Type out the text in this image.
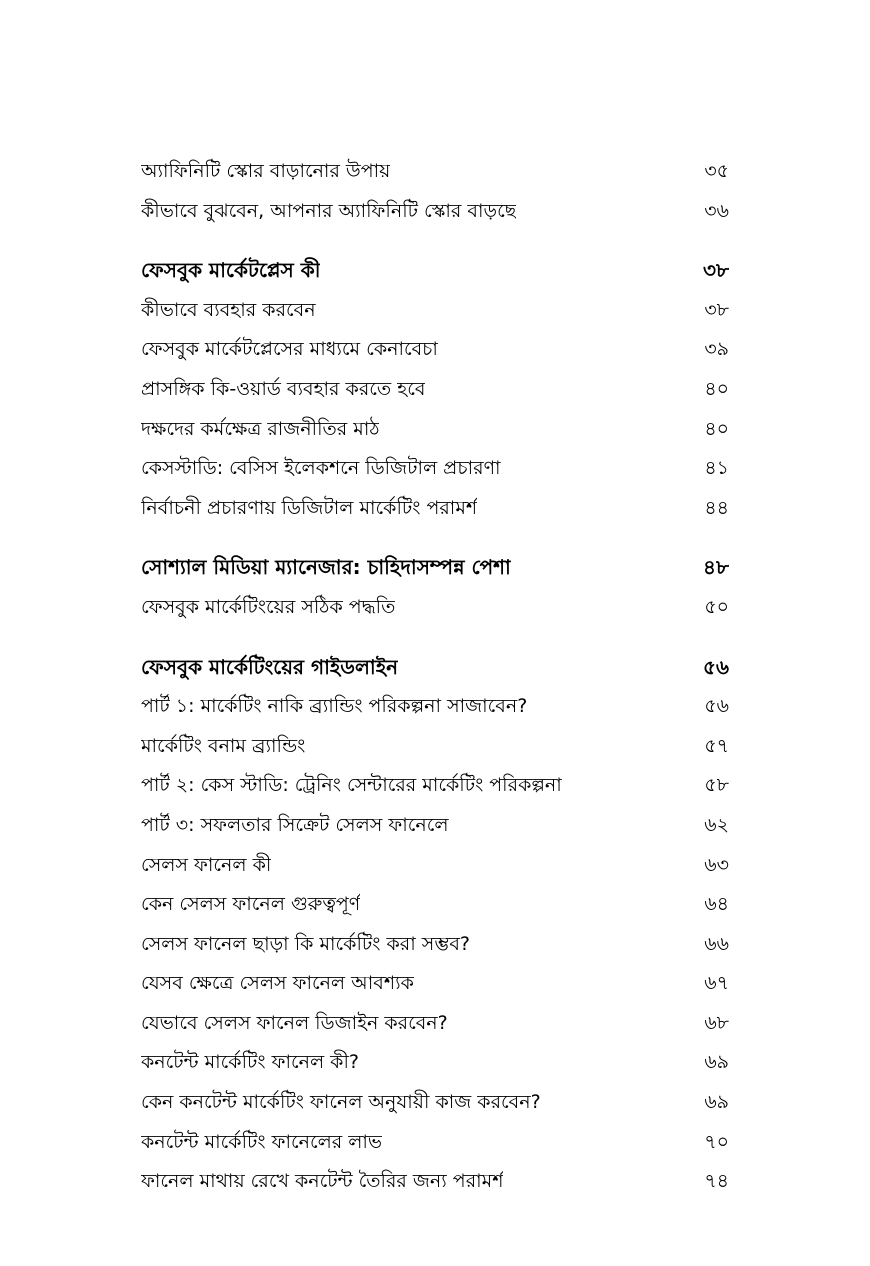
অ্যাফিনিটি স্কোর বাড়ানোর উপায়	৩৫
কীভাবে বুঝবেন, আপনার অ্যাফিনিটি স্কোর বাড়ছে	৩৬
ফেসবুক মার্কেটপ্লেস কী	৩৮
কীভাবে ব্যবহার করবেন	৩৮
ফেসবুক মার্কেটপ্লেসের মাধ্যমে কেনাবেচা	৩৯
প্রাসঙ্গিক কি-ওয়ার্ড ব্যবহার করতে হবে	৪০
দক্ষদের কর্মক্ষেত্র রাজনীতির মাঠ	৪০
কেসস্টাডি: বেসিস ইলেকশনে ডিজিটাল প্রচারণা	৪১
নির্বাচনী প্রচারণায় ডিজিটাল মার্কেটিং পরামর্শ	৪৪
সোশ্যাল মিডিয়া ম্যানেজার: চাহিদাসম্পন্ন পেশা	৪৮
ফেসবুক মার্কেটিংয়ের সঠিক পদ্ধতি	৫০
ফেসবুক মার্কেটিংয়ের গাইডলাইন	৫৬
পার্ট ১: মার্কেটিং নাকি ব্র্যান্ডিং পরিকল্পনা সাজাবেন?	৫৬
মার্কেটিং বনাম ব্র্যান্ডিং	৫৭
পার্ট ২: কেস স্টাডি: ট্রেনিং সেন্টারের মার্কেটিং পরিকল্পনা	৫৮
পার্ট ৩: সফলতার সিক্রেট সেলস ফানেলে	৬২
সেলস ফানেল কী	৬৩
কেন সেলস ফানেল গুরুত্বপূর্ণ	৬৪
সেলস ফানেল ছাড়া কি মার্কেটিং করা সম্ভব?	৬৬
যেসব ক্ষেত্রে সেলস ফানেল আবশ্যক	৬৭
যেভাবে সেলস ফানেল ডিজাইন করবেন?	৬৮
কনটেন্ট মার্কেটিং ফানেল কী?	৬৯
কেন কনটেন্ট মার্কেটিং ফানেল অনুযায়ী কাজ করবেন?	৬৯
কনটেন্ট মার্কেটিং ফানেলের লাভ	৭০
ফানেল মাথায় রেখে কনটেন্ট তৈরির জন্য পরামর্শ	৭৪
